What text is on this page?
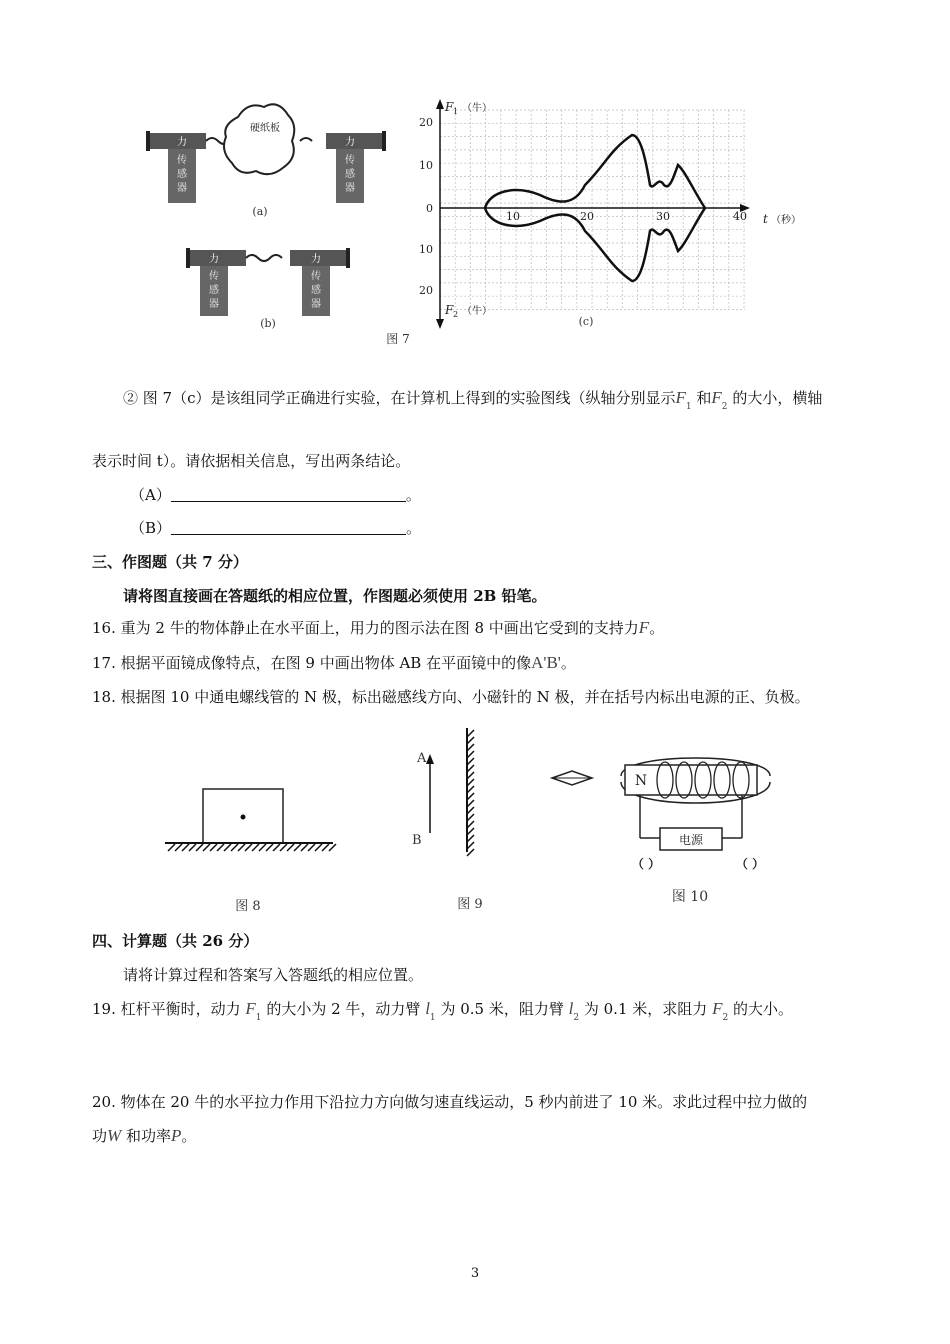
力
传
感
器
力
传
感
器
力
传
感
器
力
传
感
器
硬纸板
(a)
(b)
图 7
F 1 （牛）
F 2 （牛）
t （秒）
20
10
0
10
20
10	20	30	40
(c)
② 图 7（c）是该组同学正确进行实验，在计算机上得到的实验图线（纵轴分别显示$F_1$ 和$F_2$ 的大小，横轴
表示时间 t）。请依据相关信息，写出两条结论。
（A）	。
（B）	。
三、作图题（共 7 分）
请将图直接画在答题纸的相应位置，作图题必须使用 2B 铅笔。
16. 重为 2 牛的物体静止在水平面上，用力的图示法在图 8 中画出它受到的支持力F。
17. 根据平面镜成像特点，在图 9 中画出物体 AB 在平面镜中的像A'B'。
18. 根据图 10 中通电螺线管的 N 极，标出磁感线方向、小磁针的 N 极，并在括号内标出电源的正、负极。
图 8
A
B
图 9
N
电源
（ ）	（ ）
图 10
四、计算题（共 26 分）
请将计算过程和答案写入答题纸的相应位置。
19. 杠杆平衡时，动力 $F_1$ 的大小为 2 牛，动力臂 $l_1$ 为 0.5 米，阻力臂 $l_2$ 为 0.1 米，求阻力 $F_2$ 的大小。
20. 物体在 20 牛的水平拉力作用下沿拉力方向做匀速直线运动，5 秒内前进了 10 米。求此过程中拉力做的
功W 和功率P。
3
